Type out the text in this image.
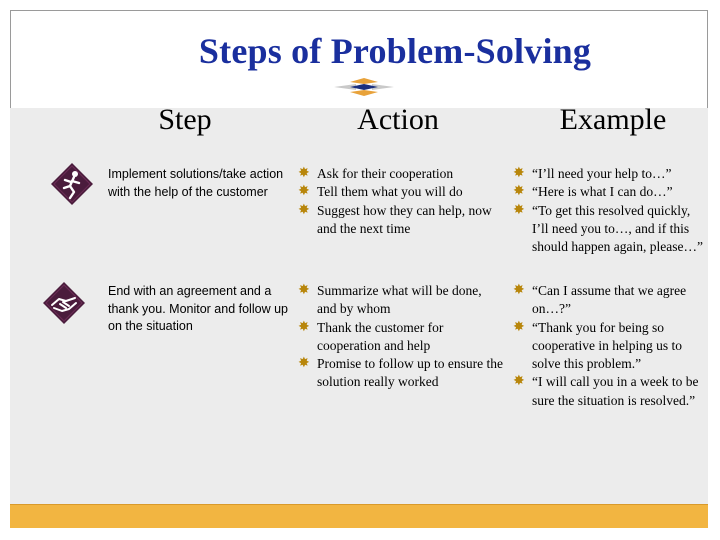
Steps of Problem-Solving
Step	Action	Example
Implement solutions/take action with the help of the customer
✸ Ask for their cooperation
✸ Tell them what you will do
✸ Suggest how they can help, now and the next time
✸ “I’ll need your help to…”
✸ “Here is what I can do…”
✸ “To get this resolved quickly, I’ll need you to…, and if this should happen again, please…”
End with an agreement and a thank you. Monitor and follow up on the situation
✸ Summarize what will be done, and by whom
✸ Thank the customer for cooperation and help
✸ Promise to follow up to ensure the solution really worked
✸ “Can I assume that we agree on…?”
✸ “Thank you for being so cooperative in helping us to solve this problem.”
✸ “I will call you in a week to be sure the situation is resolved.”
